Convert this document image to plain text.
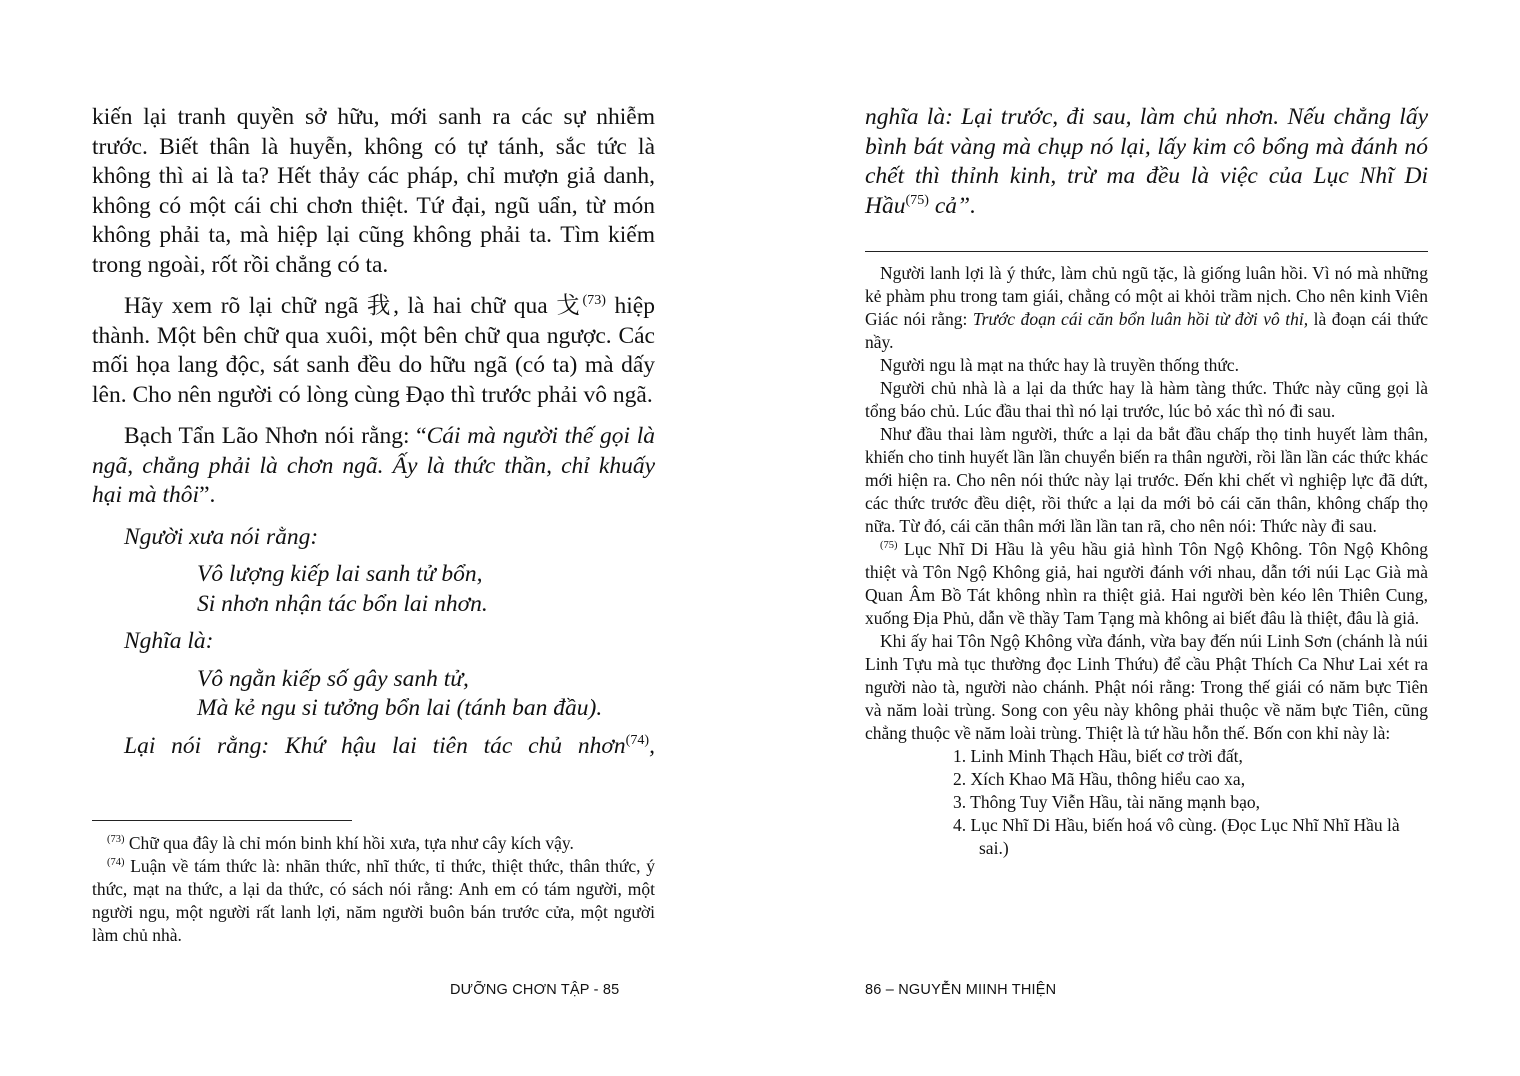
kiến lại tranh quyền sở hữu, mới sanh ra các sự nhiễm trước. Biết thân là huyễn, không có tự tánh, sắc tức là không thì ai là ta? Hết thảy các pháp, chỉ mượn giả danh, không có một cái chi chơn thiệt. Tứ đại, ngũ uẩn, từ món không phải ta, mà hiệp lại cũng không phải ta. Tìm kiếm trong ngoài, rốt rồi chẳng có ta.

Hãy xem rõ lại chữ ngã 我, là hai chữ qua 戈$^{(73)}$ hiệp thành. Một bên chữ qua xuôi, một bên chữ qua ngược. Các mối họa lang độc, sát sanh đều do hữu ngã (có ta) mà dấy lên. Cho nên người có lòng cùng Đạo thì trước phải vô ngã.

Bạch Tẩn Lão Nhơn nói rằng: “Cái mà người thế gọi là ngã, chẳng phải là chơn ngã. Ấy là thức thần, chỉ khuấy hại mà thôi”.

Người xưa nói rằng:

Vô lượng kiếp lai sanh tử bổn,
Si nhơn nhận tác bổn lai nhơn.

Nghĩa là:

Vô ngằn kiếp số gây sanh tử,
Mà kẻ ngu si tưởng bổn lai (tánh ban đầu).

Lại nói rằng: Khứ hậu lai tiên tác chủ nhơn$^{(74)}$,

$^{(73)}$ Chữ qua đây là chỉ món binh khí hồi xưa, tựa như cây kích vậy.

$^{(74)}$ Luận về tám thức là: nhãn thức, nhĩ thức, tỉ thức, thiệt thức, thân thức, ý thức, mạt na thức, a lại da thức, có sách nói rằng: Anh em có tám người, một người ngu, một người rất lanh lợi, năm người buôn bán trước cửa, một người làm chủ nhà.

DƯỠNG CHƠN TẬP - 85

nghĩa là: Lại trước, đi sau, làm chủ nhơn. Nếu chẳng lấy bình bát vàng mà chụp nó lại, lấy kim cô bổng mà đánh nó chết thì thỉnh kinh, trừ ma đều là việc của Lục Nhĩ Di Hầu$^{(75)}$ cả”.

Người lanh lợi là ý thức, làm chủ ngũ tặc, là giống luân hồi. Vì nó mà những kẻ phàm phu trong tam giái, chẳng có một ai khỏi trầm nịch. Cho nên kinh Viên Giác nói rằng: Trước đoạn cái căn bổn luân hồi từ đời vô thỉ, là đoạn cái thức nầy.

Người ngu là mạt na thức hay là truyền thống thức.

Người chủ nhà là a lại da thức hay là hàm tàng thức. Thức này cũng gọi là tổng báo chủ. Lúc đầu thai thì nó lại trước, lúc bỏ xác thì nó đi sau.

Như đầu thai làm người, thức a lại da bắt đầu chấp thọ tinh huyết làm thân, khiến cho tinh huyết lần lần chuyển biến ra thân người, rồi lần lần các thức khác mới hiện ra. Cho nên nói thức này lại trước. Đến khi chết vì nghiệp lực đã dứt, các thức trước đều diệt, rồi thức a lại da mới bỏ cái căn thân, không chấp thọ nữa. Từ đó, cái căn thân mới lần lần tan rã, cho nên nói: Thức này đi sau.

$^{(75)}$ Lục Nhĩ Di Hầu là yêu hầu giả hình Tôn Ngộ Không. Tôn Ngộ Không thiệt và Tôn Ngộ Không giả, hai người đánh với nhau, dẫn tới núi Lạc Già mà Quan Âm Bồ Tát không nhìn ra thiệt giả. Hai người bèn kéo lên Thiên Cung, xuống Địa Phủ, dẫn về thầy Tam Tạng mà không ai biết đâu là thiệt, đâu là giả.

Khi ấy hai Tôn Ngộ Không vừa đánh, vừa bay đến núi Linh Sơn (chánh là núi Linh Tựu mà tục thường đọc Linh Thứu) để cầu Phật Thích Ca Như Lai xét ra người nào tà, người nào chánh. Phật nói rằng: Trong thế giái có năm bực Tiên và năm loài trùng. Song con yêu này không phải thuộc về năm bực Tiên, cũng chẳng thuộc về năm loài trùng. Thiệt là tứ hầu hỗn thế. Bốn con khỉ này là:

1. Linh Minh Thạch Hầu, biết cơ trời đất,
2. Xích Khao Mã Hầu, thông hiểu cao xa,
3. Thông Tuy Viễn Hầu, tài năng mạnh bạo,
4. Lục Nhĩ Di Hầu, biến hoá vô cùng. (Đọc Lục Nhĩ Nhĩ Hầu là sai.)
86 – NGUYỄN MIINH THIỆN
